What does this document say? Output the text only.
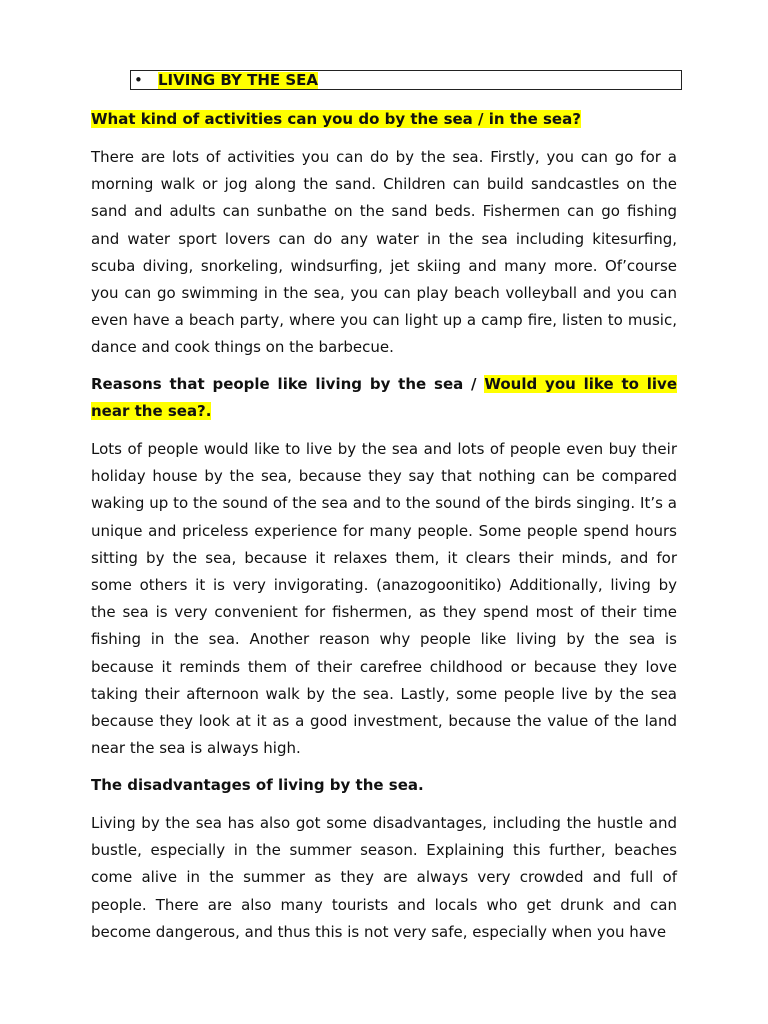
• LIVING BY THE SEA
What kind of activities can you do by the sea / in the sea?
There are lots of activities you can do by the sea. Firstly, you can go for a morning walk or jog along the sand. Children can build sandcastles on the sand and adults can sunbathe on the sand beds. Fishermen can go fishing and water sport lovers can do any water in the sea including kitesurfing, scuba diving, snorkeling, windsurfing, jet skiing and many more. Of’course you can go swimming in the sea, you can play beach volleyball and you can even have a beach party, where you can light up a camp fire, listen to music, dance and cook things on the barbecue.
Reasons that people like living by the sea / Would you like to live near the sea?.
Lots of people would like to live by the sea and lots of people even buy their holiday house by the sea, because they say that nothing can be compared waking up to the sound of the sea and to the sound of the birds singing. It’s a unique and priceless experience for many people. Some people spend hours sitting by the sea, because it relaxes them, it clears their minds, and for some others it is very invigorating. (anazogoonitiko) Additionally, living by the sea is very convenient for fishermen, as they spend most of their time fishing in the sea. Another reason why people like living by the sea is because it reminds them of their carefree childhood or because they love taking their afternoon walk by the sea. Lastly, some people live by the sea because they look at it as a good investment, because the value of the land near the sea is always high.
The disadvantages of living by the sea.
Living by the sea has also got some disadvantages, including the hustle and bustle, especially in the summer season. Explaining this further, beaches come alive in the summer as they are always very crowded and full of people. There are also many tourists and locals who get drunk and can become dangerous, and thus this is not very safe, especially when you have
